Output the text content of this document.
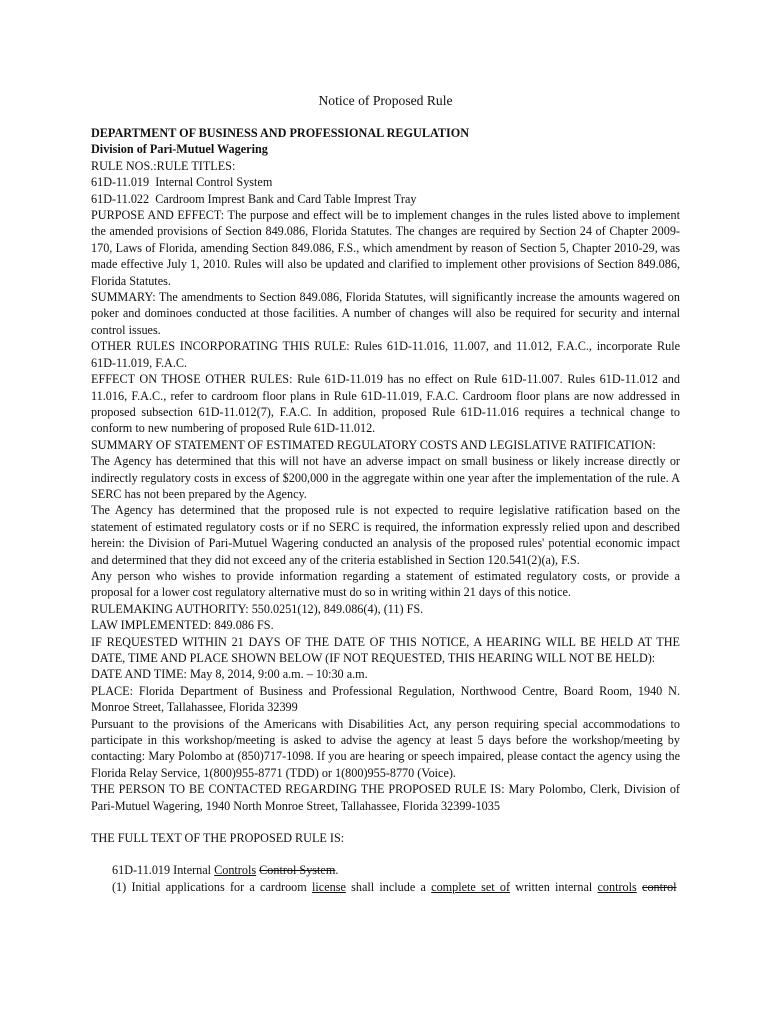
Notice of Proposed Rule

DEPARTMENT OF BUSINESS AND PROFESSIONAL REGULATION

Division of Pari-Mutuel Wagering

RULE NOS.:RULE TITLES:

61D-11.019  Internal Control System

61D-11.022  Cardroom Imprest Bank and Card Table Imprest Tray

PURPOSE AND EFFECT: The purpose and effect will be to implement changes in the rules listed above to implement the amended provisions of Section 849.086, Florida Statutes. The changes are required by Section 24 of Chapter 2009-170, Laws of Florida, amending Section 849.086, F.S., which amendment by reason of Section 5, Chapter 2010-29, was made effective July 1, 2010. Rules will also be updated and clarified to implement other provisions of Section 849.086, Florida Statutes.

SUMMARY: The amendments to Section 849.086, Florida Statutes, will significantly increase the amounts wagered on poker and dominoes conducted at those facilities. A number of changes will also be required for security and internal control issues.

OTHER RULES INCORPORATING THIS RULE: Rules 61D-11.016, 11.007, and 11.012, F.A.C., incorporate Rule 61D-11.019, F.A.C.

EFFECT ON THOSE OTHER RULES: Rule 61D-11.019 has no effect on Rule 61D-11.007. Rules 61D-11.012 and 11.016, F.A.C., refer to cardroom floor plans in Rule 61D-11.019, F.A.C. Cardroom floor plans are now addressed in proposed subsection 61D-11.012(7), F.A.C. In addition, proposed Rule 61D-11.016 requires a technical change to conform to new numbering of proposed Rule 61D-11.012.

SUMMARY OF STATEMENT OF ESTIMATED REGULATORY COSTS AND LEGISLATIVE RATIFICATION:

The Agency has determined that this will not have an adverse impact on small business or likely increase directly or indirectly regulatory costs in excess of $200,000 in the aggregate within one year after the implementation of the rule. A SERC has not been prepared by the Agency.

The Agency has determined that the proposed rule is not expected to require legislative ratification based on the statement of estimated regulatory costs or if no SERC is required, the information expressly relied upon and described herein: the Division of Pari-Mutuel Wagering conducted an analysis of the proposed rules' potential economic impact and determined that they did not exceed any of the criteria established in Section 120.541(2)(a), F.S.

Any person who wishes to provide information regarding a statement of estimated regulatory costs, or provide a proposal for a lower cost regulatory alternative must do so in writing within 21 days of this notice.

RULEMAKING AUTHORITY: 550.0251(12), 849.086(4), (11) FS.

LAW IMPLEMENTED: 849.086 FS.

IF REQUESTED WITHIN 21 DAYS OF THE DATE OF THIS NOTICE, A HEARING WILL BE HELD AT THE DATE, TIME AND PLACE SHOWN BELOW (IF NOT REQUESTED, THIS HEARING WILL NOT BE HELD):

DATE AND TIME: May 8, 2014, 9:00 a.m. – 10:30 a.m.

PLACE: Florida Department of Business and Professional Regulation, Northwood Centre, Board Room, 1940 N. Monroe Street, Tallahassee, Florida 32399

Pursuant to the provisions of the Americans with Disabilities Act, any person requiring special accommodations to participate in this workshop/meeting is asked to advise the agency at least 5 days before the workshop/meeting by contacting: Mary Polombo at (850)717-1098. If you are hearing or speech impaired, please contact the agency using the Florida Relay Service, 1(800)955-8771 (TDD) or 1(800)955-8770 (Voice).

THE PERSON TO BE CONTACTED REGARDING THE PROPOSED RULE IS: Mary Polombo, Clerk, Division of Pari-Mutuel Wagering, 1940 North Monroe Street, Tallahassee, Florida 32399-1035

THE FULL TEXT OF THE PROPOSED RULE IS:

61D-11.019 Internal Controls Control System.

(1) Initial applications for a cardroom license shall include a complete set of written internal controls control
